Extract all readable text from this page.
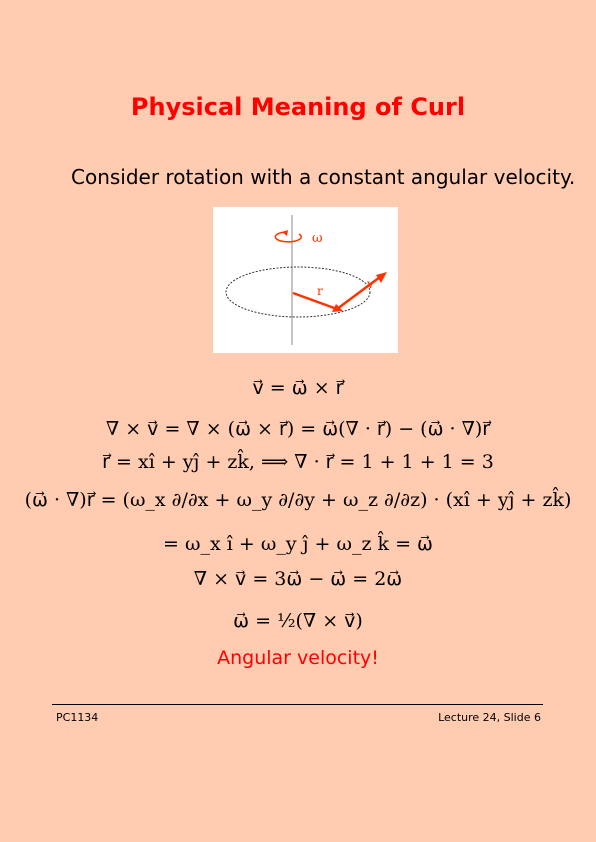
Physical Meaning of Curl
Consider rotation with a constant angular velocity.
ω
r	v
v⃗ = ω⃗ × r⃗
∇ × v⃗ = ∇ × (ω⃗ × r⃗) = ω⃗(∇ · r⃗) − (ω⃗ · ∇)r⃗
r⃗ = xî + yĵ + zk̂, ⟹ ∇ · r⃗ = 1 + 1 + 1 = 3
(ω⃗ · ∇)r⃗ = (ω_x ∂/∂x + ω_y ∂/∂y + ω_z ∂/∂z) · (xî + yĵ + zk̂)
= ω_x î + ω_y ĵ + ω_z k̂ = ω⃗
∇ × v⃗ = 3ω⃗ − ω⃗ = 2ω⃗
ω⃗ = ½(∇ × v⃗)
Angular velocity!
PC1134	Lecture 24, Slide 6
